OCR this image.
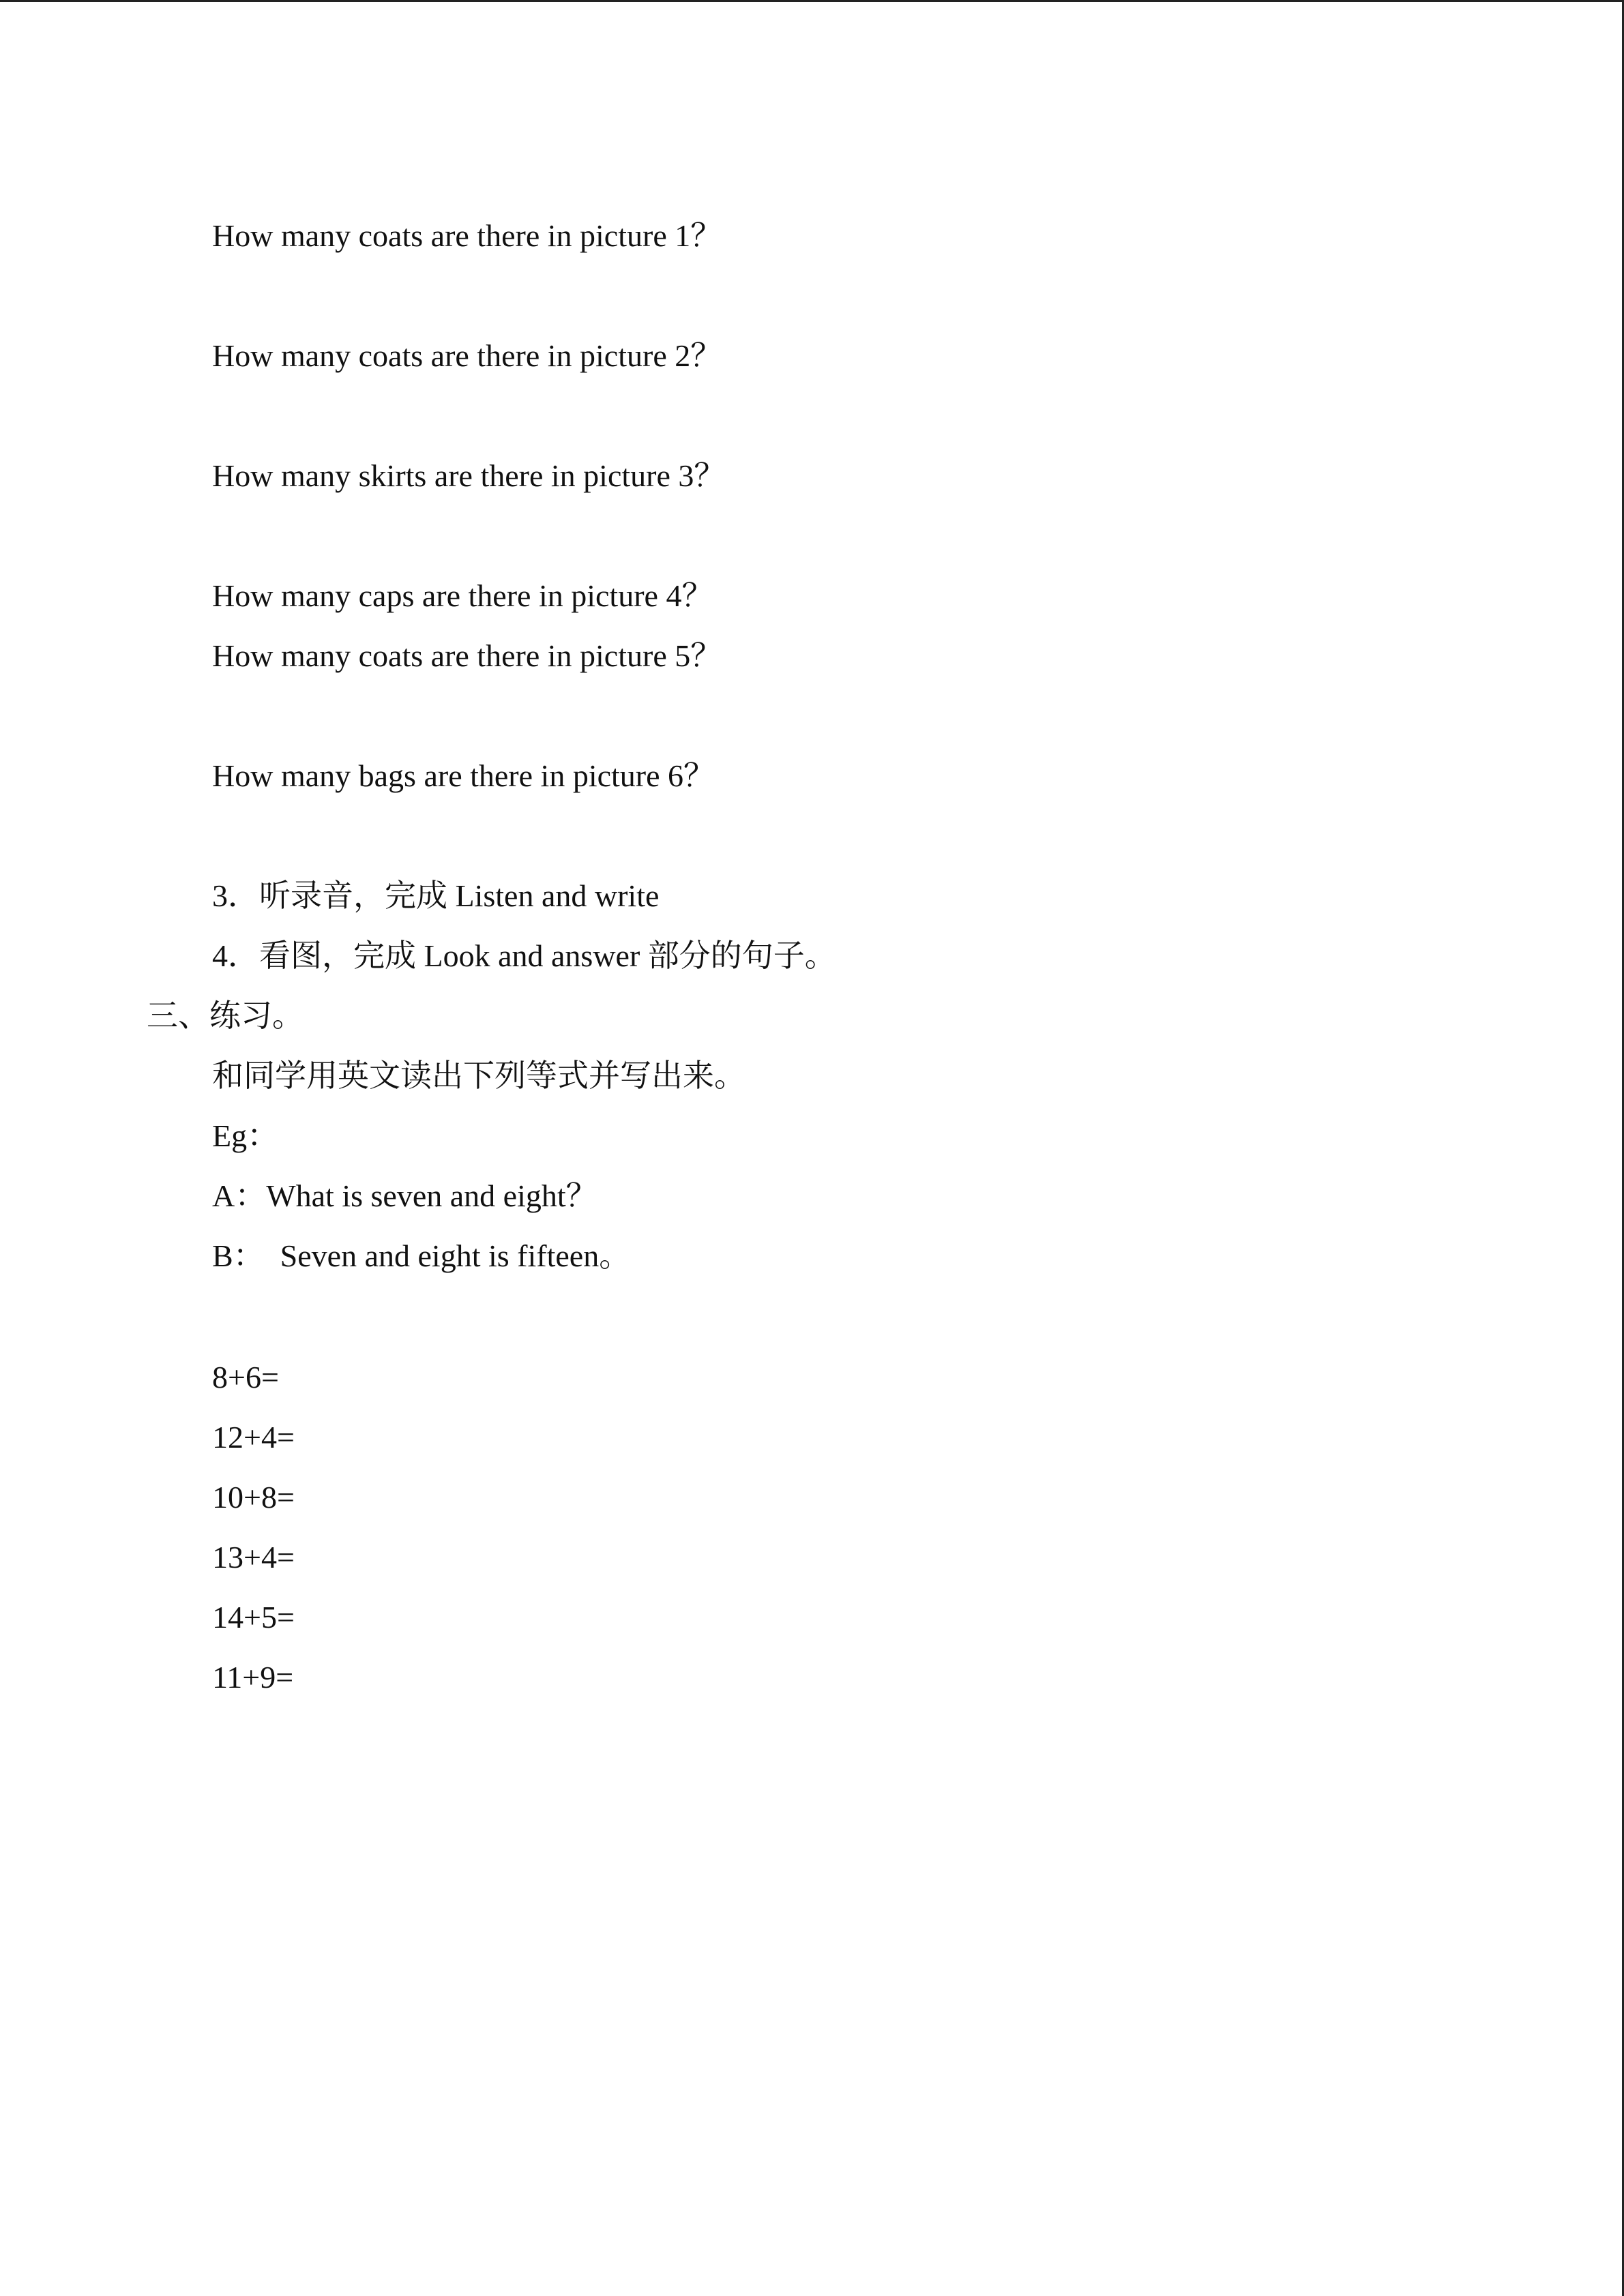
How many coats are there in picture 1？
How many coats are there in picture 2？
How many skirts are there in picture 3？
How many caps are there in picture 4？
How many coats are there in picture 5？
How many bags are there in picture 6？
3．听录音，完成 Listen and write
4．看图，完成 Look and answer 部分的句子。
三、练习。
和同学用英文读出下列等式并写出来。
Eg：
A：What is seven and eight？
B：  Seven and eight is fifteen。
8+6=
12+4=
10+8=
13+4=
14+5=
11+9=
